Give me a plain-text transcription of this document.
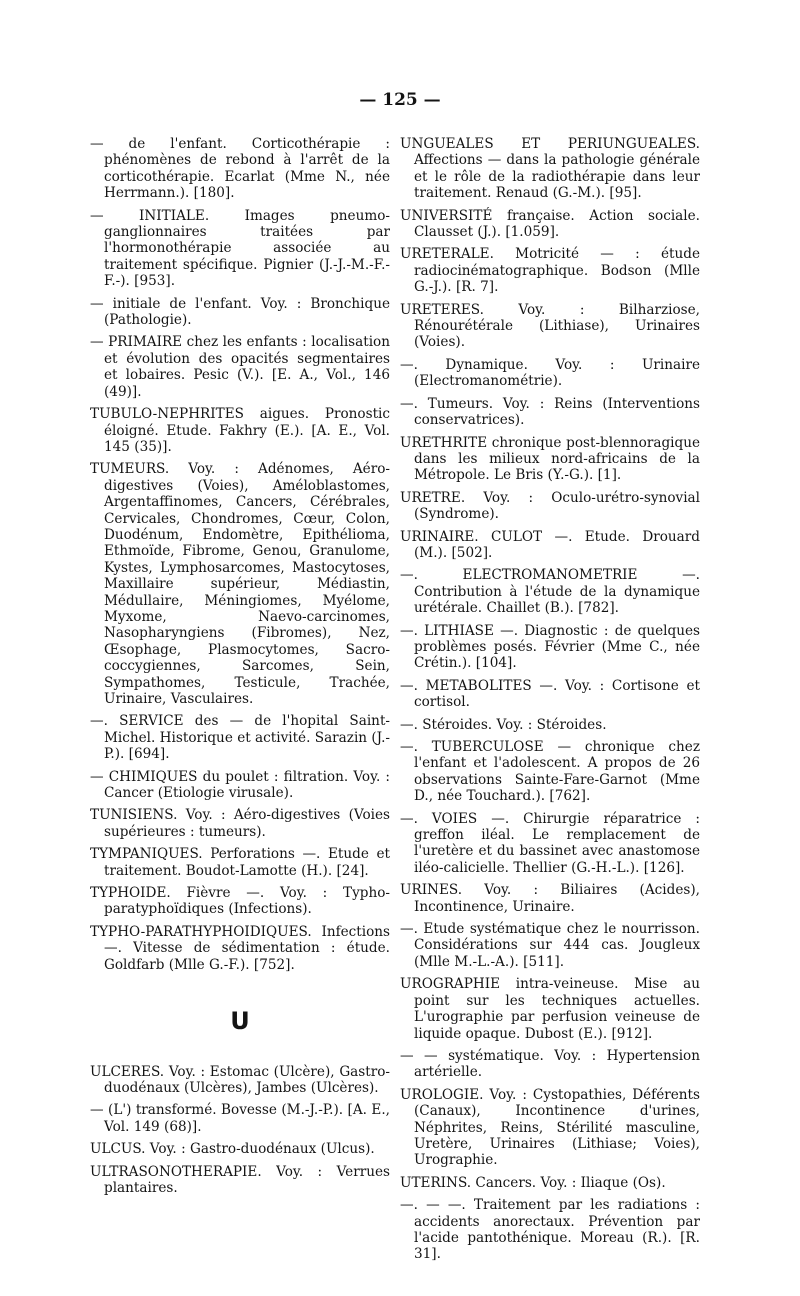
— 125 —

— de l'enfant. Corticothérapie : phénomènes de rebond à l'arrêt de la corticothérapie. Ecarlat (Mme N., née Herrmann.). [180].

— INITIALE. Images pneumo-ganglionnaires traitées par l'hormonothérapie associée au traitement spécifique. Pignier (J.-J.-M.-F.-F.-). [953].

— initiale de l'enfant. Voy. : Bronchique (Pathologie).

— PRIMAIRE chez les enfants : localisation et évolution des opacités segmentaires et lobaires. Pesic (V.). [E. A., Vol., 146 (49)].

TUBULO-NEPHRITES aigues. Pronostic éloigné. Etude. Fakhry (E.). [A. E., Vol. 145 (35)].

TUMEURS. Voy. : Adénomes, Aéro-digestives (Voies), Améloblastomes, Argentaffinomes, Cancers, Cérébrales, Cervicales, Chondromes, Cœur, Colon, Duodénum, Endomètre, Epithélioma, Ethmoïde, Fibrome, Genou, Granulome, Kystes, Lymphosarcomes, Mastocytoses, Maxillaire supérieur, Médiastin, Médullaire, Méningiomes, Myélome, Myxome, Naevo-carcinomes, Nasopharyngiens (Fibromes), Nez, Œsophage, Plasmocytomes, Sacro-coccygiennes, Sarcomes, Sein, Sympathomes, Testicule, Trachée, Urinaire, Vasculaires.

—. SERVICE des — de l'hopital Saint-Michel. Historique et activité. Sarazin (J.-P.). [694].

— CHIMIQUES du poulet : filtration. Voy. : Cancer (Etiologie virusale).

TUNISIENS. Voy. : Aéro-digestives (Voies supérieures : tumeurs).

TYMPANIQUES. Perforations —. Etude et traitement. Boudot-Lamotte (H.). [24].

TYPHOIDE. Fièvre —. Voy. : Typho-paratyphoïdiques (Infections).

TYPHO-PARATHYPHOIDIQUES. Infections —. Vitesse de sédimentation : étude. Goldfarb (Mlle G.-F.). [752].

U

ULCERES. Voy. : Estomac (Ulcère), Gastro-duodénaux (Ulcères), Jambes (Ulcères).

— (L') transformé. Bovesse (M.-J.-P.). [A. E., Vol. 149 (68)].

ULCUS. Voy. : Gastro-duodénaux (Ulcus).

ULTRASONOTHERAPIE. Voy. : Verrues plantaires.

UNGUEALES ET PERIUNGUEALES. Affections — dans la pathologie générale et le rôle de la radiothérapie dans leur traitement. Renaud (G.-M.). [95].

UNIVERSITÉ française. Action sociale. Clausset (J.). [1.059].

URETERALE. Motricité — : étude radiocinématographique. Bodson (Mlle G.-J.). [R. 7].

URETERES. Voy. : Bilharziose, Rénourétérale (Lithiase), Urinaires (Voies).

—. Dynamique. Voy. : Urinaire (Electromanométrie).

—. Tumeurs. Voy. : Reins (Interventions conservatrices).

URETHRITE chronique post-blennoragique dans les milieux nord-africains de la Métropole. Le Bris (Y.-G.). [1].

URETRE. Voy. : Oculo-urétro-synovial (Syndrome).

URINAIRE. CULOT —. Etude. Drouard (M.). [502].

—. ELECTROMANOMETRIE —. Contribution à l'étude de la dynamique urétérale. Chaillet (B.). [782].

—. LITHIASE —. Diagnostic : de quelques problèmes posés. Février (Mme C., née Crétin.). [104].

—. METABOLITES —. Voy. : Cortisone et cortisol.

—. Stéroides. Voy. : Stéroides.

—. TUBERCULOSE — chronique chez l'enfant et l'adolescent. A propos de 26 observations Sainte-Fare-Garnot (Mme D., née Touchard.). [762].

—. VOIES —. Chirurgie réparatrice : greffon iléal. Le remplacement de l'uretère et du bassinet avec anastomose iléo-calicielle. Thellier (G.-H.-L.). [126].

URINES. Voy. : Biliaires (Acides), Incontinence, Urinaire.

—. Etude systématique chez le nourrisson. Considérations sur 444 cas. Jougleux (Mlle M.-L.-A.). [511].

UROGRAPHIE intra-veineuse. Mise au point sur les techniques actuelles. L'urographie par perfusion veineuse de liquide opaque. Dubost (E.). [912].

— — systématique. Voy. : Hypertension artérielle.

UROLOGIE. Voy. : Cystopathies, Déférents (Canaux), Incontinence d'urines, Néphrites, Reins, Stérilité masculine, Uretère, Urinaires (Lithiase; Voies), Urographie.

UTERINS. Cancers. Voy. : Iliaque (Os).

—. — —. Traitement par les radiations : accidents anorectaux. Prévention par l'acide pantothénique. Moreau (R.). [R. 31].
